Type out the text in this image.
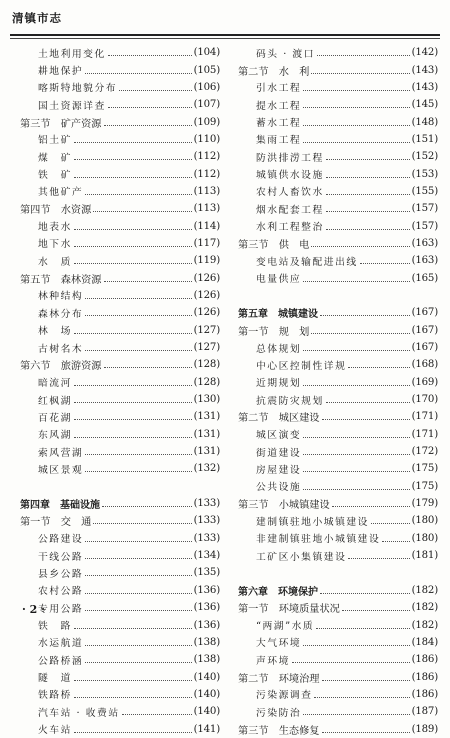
清镇市志
土地利用变化	(104)
耕地保护	(105)
喀斯特地貌分布	(106)
国土资源详查	(107)
第三节　矿产资源	(109)
铝土矿	(110)
煤　矿	(112)
铁　矿	(112)
其他矿产	(113)
第四节　水资源	(113)
地表水	(114)
地下水	(117)
水　质	(119)
第五节　森林资源	(126)
林种结构	(126)
森林分布	(126)
林　场	(127)
古树名木	(127)
第六节　旅游资源	(128)
暗流河	(128)
红枫湖	(130)
百花湖	(131)
东风湖	(131)
索风营湖	(131)
城区景观	(132)
第四章　基础设施	(133)
第一节　交　通	(133)
公路建设	(133)
干线公路	(134)
县乡公路	(135)
农村公路	(136)
专用公路	(136)
铁　路	(136)
水运航道	(138)
公路桥涵	(138)
隧　道	(140)
铁路桥	(140)
汽车站 · 收费站	(140)
火车站	(141)
码头 · 渡口	(142)
第二节　水　利	(143)
引水工程	(143)
提水工程	(145)
蓄水工程	(148)
集雨工程	(151)
防洪排涝工程	(152)
城镇供水设施	(153)
农村人畜饮水	(155)
烟水配套工程	(157)
水利工程整治	(157)
第三节　供　电	(163)
变电站及输配进出线	(163)
电量供应	(165)
第五章　城镇建设	(167)
第一节　规　划	(167)
总体规划	(167)
中心区控制性详规	(168)
近期规划	(169)
抗震防灾规划	(170)
第二节　城区建设	(171)
城区演变	(171)
街道建设	(172)
房屋建设	(175)
公共设施	(175)
第三节　小城镇建设	(179)
建制镇驻地小城镇建设	(180)
非建制镇驻地小城镇建设	(180)
工矿区小集镇建设	(181)
第六章　环境保护	(182)
第一节　环境质量状况	(182)
“两湖”水质	(182)
大气环境	(184)
声环境	(186)
第二节　环境治理	(186)
污染源调查	(186)
污染防治	(187)
第三节　生态修复	(189)
· 2 ·
